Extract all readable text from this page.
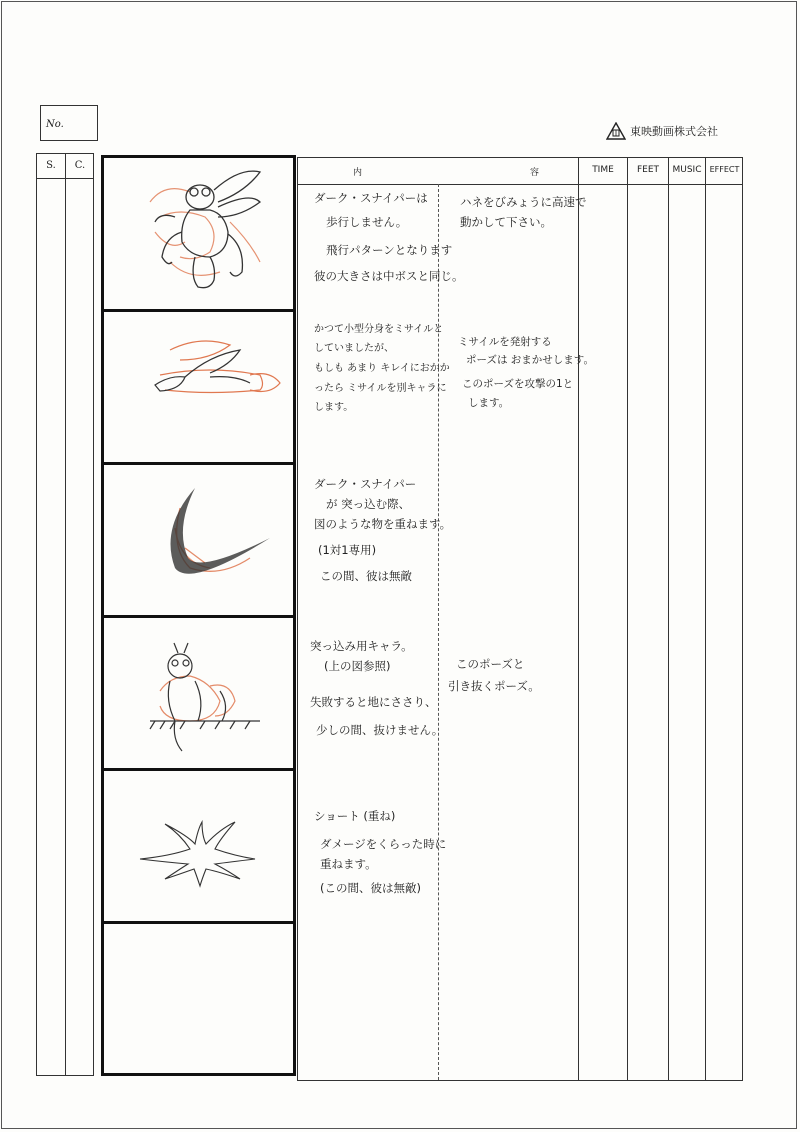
No.
東映動画株式会社
S.	C.
内	容	TIME	FEET	MUSIC	EFFECT
ダーク・スナイパーは
歩行しません。
飛行パターンとなります
彼の大きさは中ボスと同じ。
ハネをびみょうに高速で
動かして下さい。
かつて小型分身をミサイルと
していましたが、
もしも あまり キレイにおかか
ったら ミサイルを別キャラに
します。
ミサイルを発射する
ポーズは おまかせします。
このポーズを攻撃の1と
します。
ダーク・スナイパー
が 突っ込む際、
図のような物を重ねます。
(1対1専用)
この間、彼は無敵
突っ込み用キャラ。
(上の図参照)
失敗すると地にささり、
少しの間、抜けません。
このポーズと
引き抜くポーズ。
ショート (重ね)
ダメージをくらった時に
重ねます。
(この間、彼は無敵)
